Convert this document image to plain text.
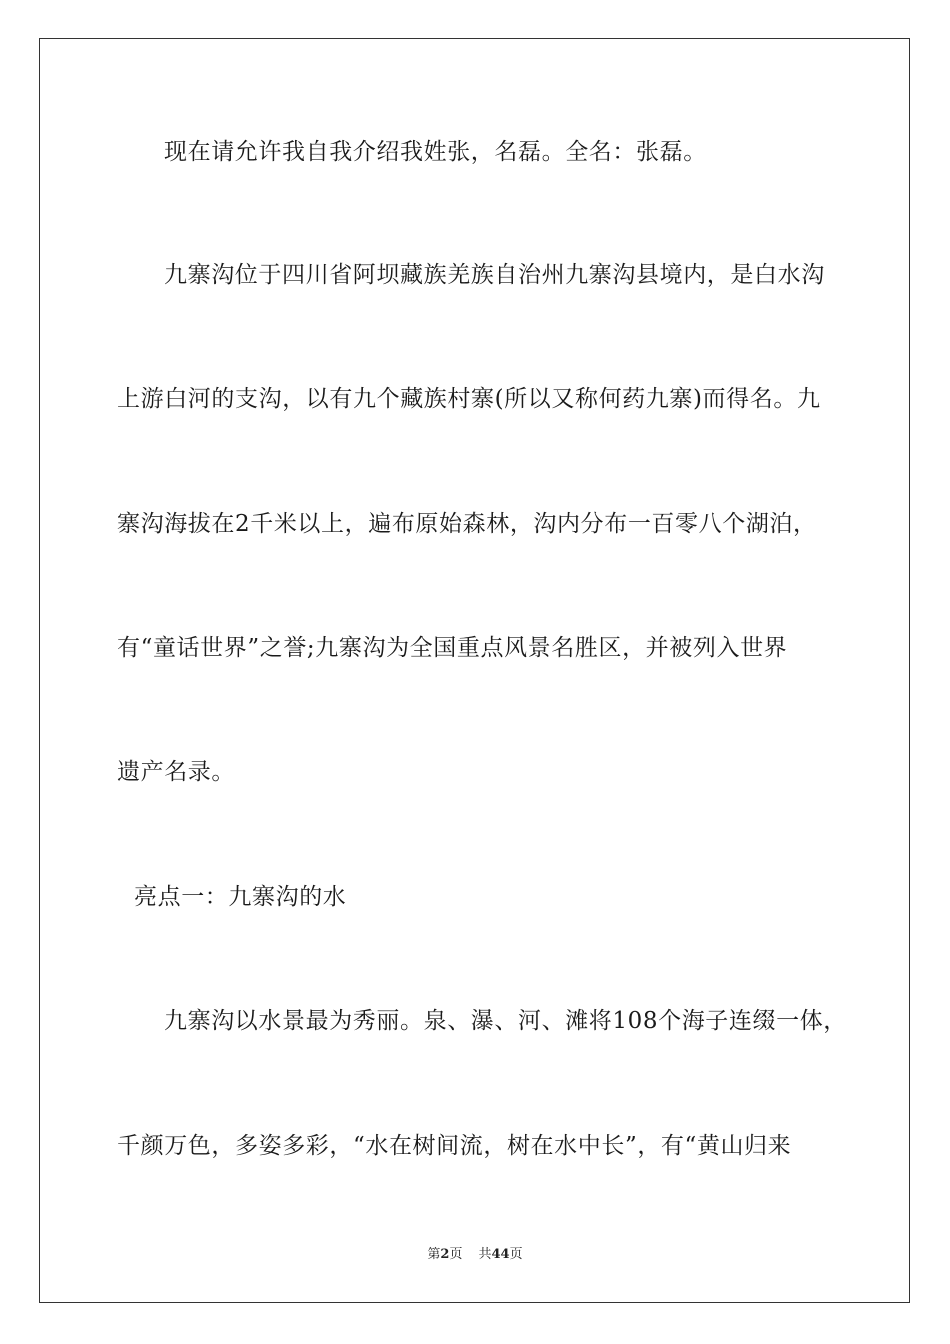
现在请允许我自我介绍我姓张，名磊。全名：张磊。
九寨沟位于四川省阿坝藏族羌族自治州九寨沟县境内，是白水沟
上游白河的支沟，以有九个藏族村寨(所以又称何药九寨)而得名。九
寨沟海拔在2千米以上，遍布原始森林，沟内分布一百零八个湖泊，
有“童话世界”之誉;九寨沟为全国重点风景名胜区，并被列入世界
遗产名录。
亮点一：九寨沟的水
九寨沟以水景最为秀丽。泉、瀑、河、滩将108个海子连缀一体，
千颜万色，多姿多彩，“水在树间流，树在水中长”，有“黄山归来
第2页 共44页
